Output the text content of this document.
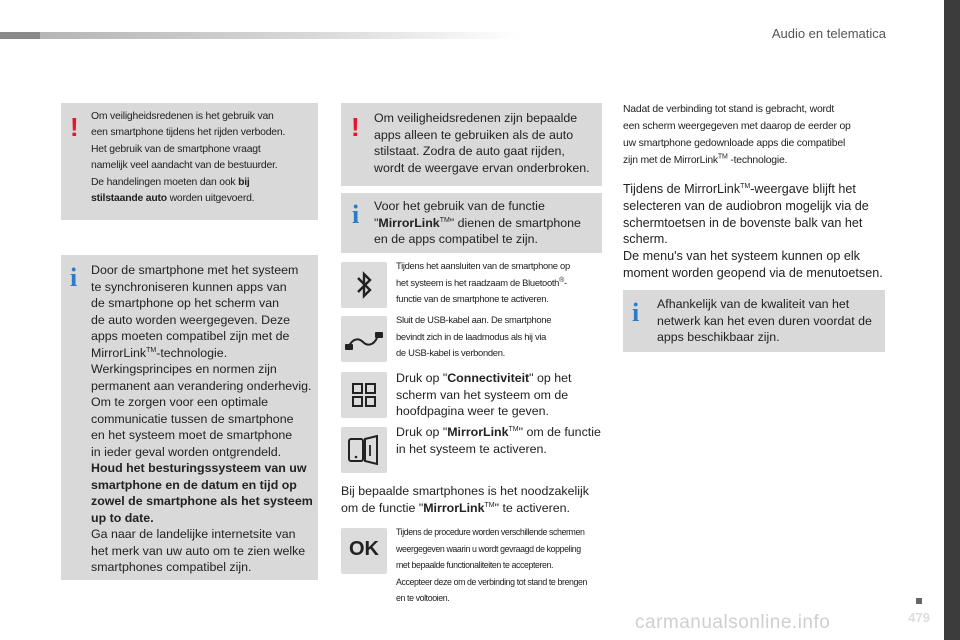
Audio en telematica
! Om veiligheidsredenen is het gebruik van
een smartphone tijdens het rijden verboden.
Het gebruik van de smartphone vraagt
namelijk veel aandacht van de bestuurder.
De handelingen moeten dan ook bij
stilstaande auto worden uitgevoerd.
i Door de smartphone met het systeem
te synchroniseren kunnen apps van
de smartphone op het scherm van
de auto worden weergegeven. Deze
apps moeten compatibel zijn met de
MirrorLink™-technologie.
Werkingsprincipes en normen zijn
permanent aan verandering onderhevig.
Om te zorgen voor een optimale
communicatie tussen de smartphone
en het systeem moet de smartphone
in ieder geval worden ontgrendeld.
Houd het besturingssysteem van uw
smartphone en de datum en tijd op
zowel de smartphone als het systeem
up to date.
Ga naar de landelijke internetsite van
het merk van uw auto om te zien welke
smartphones compatibel zijn.
! Om veiligheidsredenen zijn bepaalde
apps alleen te gebruiken als de auto
stilstaat. Zodra de auto gaat rijden,
wordt de weergave ervan onderbroken.
i Voor het gebruik van de functie
"MirrorLink™" dienen de smartphone
en de apps compatibel te zijn.
Tijdens het aansluiten van de smartphone op
het systeem is het raadzaam de Bluetooth®-
functie van de smartphone te activeren.
Sluit de USB-kabel aan. De smartphone
bevindt zich in de laadmodus als hij via
de USB-kabel is verbonden.
Druk op "Connectiviteit" op het
scherm van het systeem om de
hoofdpagina weer te geven.
Druk op "MirrorLink™" om de functie
in het systeem te activeren.
Bij bepaalde smartphones is het noodzakelijk
om de functie "MirrorLink™" te activeren.
OK
Tijdens de procedure worden verschillende schermen
weergegeven waarin u wordt gevraagd de koppeling
met bepaalde functionaliteiten te accepteren.
Accepteer deze om de verbinding tot stand te brengen
en te voltooien.
Nadat de verbinding tot stand is gebracht, wordt
een scherm weergegeven met daarop de eerder op
uw smartphone gedownloade apps die compatibel
zijn met de MirrorLink™ -technologie.
Tijdens de MirrorLink™-weergave blijft het
selecteren van de audiobron mogelijk via de
schermtoetsen in de bovenste balk van het
scherm.
De menu's van het systeem kunnen op elk
moment worden geopend via de menutoetsen.
i Afhankelijk van de kwaliteit van het
netwerk kan het even duren voordat de
apps beschikbaar zijn.
479
carmanualsonline.info
